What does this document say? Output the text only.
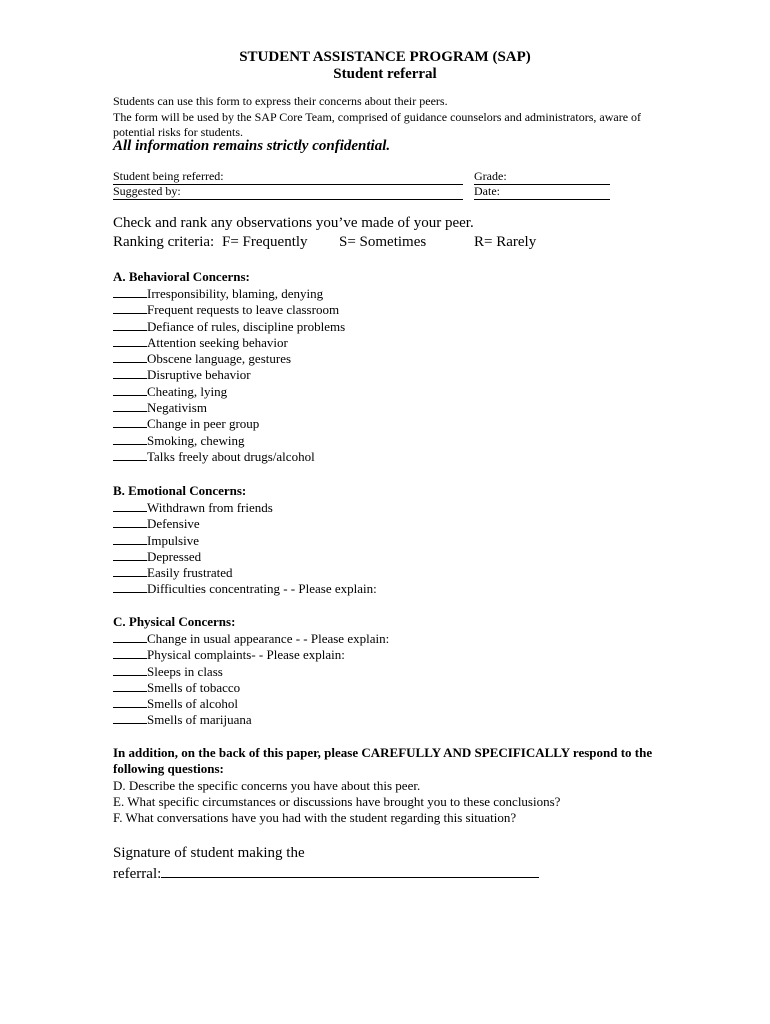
STUDENT ASSISTANCE PROGRAM (SAP)
Student referral
Students can use this form to express their concerns about their peers.
The form will be used by the SAP Core Team, comprised of guidance counselors and administrators, aware of potential risks for students.
All information remains strictly confidential.
Student being referred:	Grade:
Suggested by:	Date:
Check and rank any observations you’ve made of your peer.
Ranking criteria: F= Frequently S= Sometimes	R= Rarely
A. Behavioral Concerns:
Irresponsibility, blaming, denying
Frequent requests to leave classroom
Defiance of rules, discipline problems
Attention seeking behavior
Obscene language, gestures
Disruptive behavior
Cheating, lying
Negativism
Change in peer group
Smoking, chewing
Talks freely about drugs/alcohol
B. Emotional Concerns:
Withdrawn from friends
Defensive
Impulsive
Depressed
Easily frustrated
Difficulties concentrating - - Please explain:
C. Physical Concerns:
Change in usual appearance - - Please explain:
Physical complaints- - Please explain:
Sleeps in class
Smells of tobacco
Smells of alcohol
Smells of marijuana

In addition, on the back of this paper, please CAREFULLY AND SPECIFICALLY respond to the following questions:

D. Describe the specific concerns you have about this peer.

E. What specific circumstances or discussions have brought you to these conclusions?

F. What conversations have you had with the student regarding this situation?

Signature of student making the
referral:
